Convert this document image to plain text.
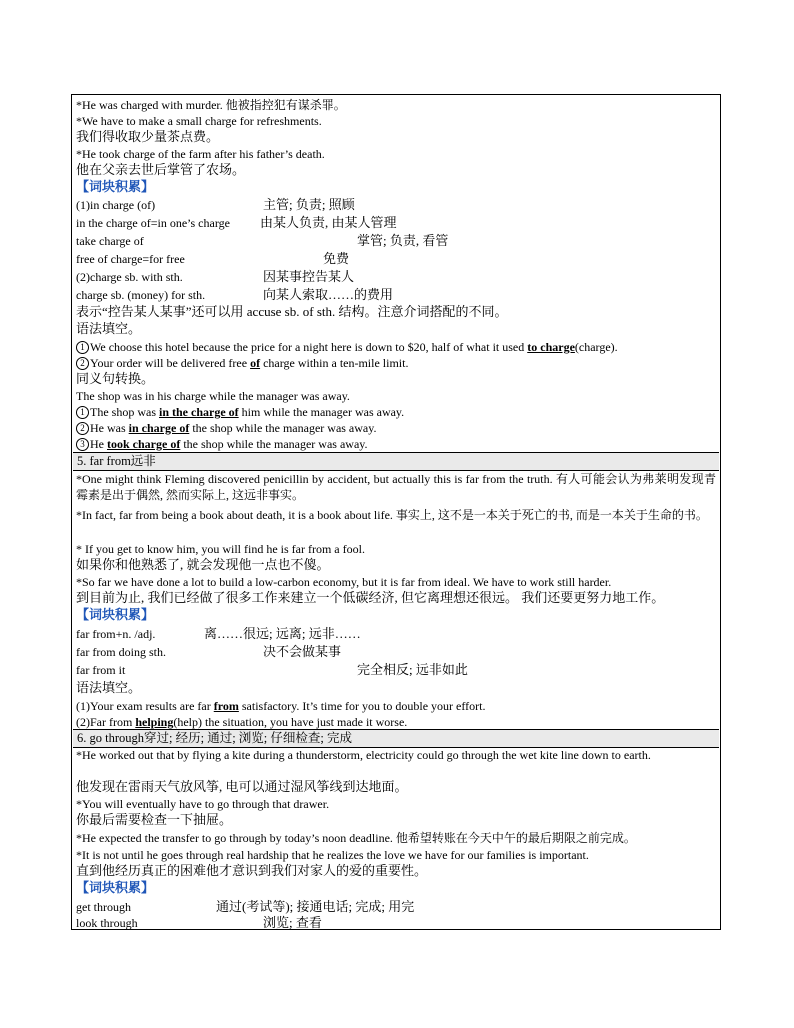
*He was charged with murder. 他被指控犯有谋杀罪。
*We have to make a small charge for refreshments.
我们得收取少量茶点费。
*He took charge of the farm after his father’s death.
他在父亲去世后掌管了农场。
【词块积累】
(1)in charge (of)	主管; 负责; 照顾
in the charge of=in one’s charge 由某人负责, 由某人管理
take charge of	掌管; 负责, 看管
free of charge=for free	免费
(2)charge sb. with sth.	因某事控告某人
charge sb. (money) for sth.	向某人索取……的费用
表示“控告某人某事”还可以用 accuse sb. of sth. 结构。注意介词搭配的不同。
语法填空。
1 We choose this hotel because the price for a night here is down to $20, half of what it used to charge(charge).
2 Your order will be delivered free of charge within a ten-mile limit.
同义句转换。
The shop was in his charge while the manager was away.
1 The shop was in the charge of him while the manager was away.
2 He was in charge of the shop while the manager was away.
3 He took charge of the shop while the manager was away.
5. far from远非
*One might think Fleming discovered penicillin by accident, but actually this is far from the truth. 有人可能会认为弗莱明发现青霉素是出于偶然, 然而实际上, 这远非事实。
*In fact, far from being a book about death, it is a book about life. 事实上, 这不是一本关于死亡的书, 而是一本关于生命的书。
* If you get to know him, you will find he is far from a fool.
如果你和他熟悉了, 就会发现他一点也不傻。
*So far we have done a lot to build a low-carbon economy, but it is far from ideal. We have to work still harder.
到目前为止, 我们已经做了很多工作来建立一个低碳经济, 但它离理想还很远。 我们还要更努力地工作。
【词块积累】
far from+n. /adj.	离……很远; 远离; 远非……
far from doing sth.	决不会做某事
far from it	完全相反; 远非如此
语法填空。
(1)Your exam results are far from satisfactory. It’s time for you to double your effort.
(2)Far from helping(help) the situation, you have just made it worse.
6. go through穿过; 经历; 通过; 浏览; 仔细检查; 完成
*He worked out that by flying a kite during a thunderstorm, electricity could go through the wet kite line down to earth.
他发现在雷雨天气放风筝, 电可以通过湿风筝线到达地面。
*You will eventually have to go through that drawer.
你最后需要检查一下抽屉。
*He expected the transfer to go through by today’s noon deadline. 他希望转账在今天中午的最后期限之前完成。
*It is not until he goes through real hardship that he realizes the love we have for our families is important.
直到他经历真正的困难他才意识到我们对家人的爱的重要性。
【词块积累】
get through	通过(考试等); 接通电话; 完成; 用完
look through	浏览; 查看
